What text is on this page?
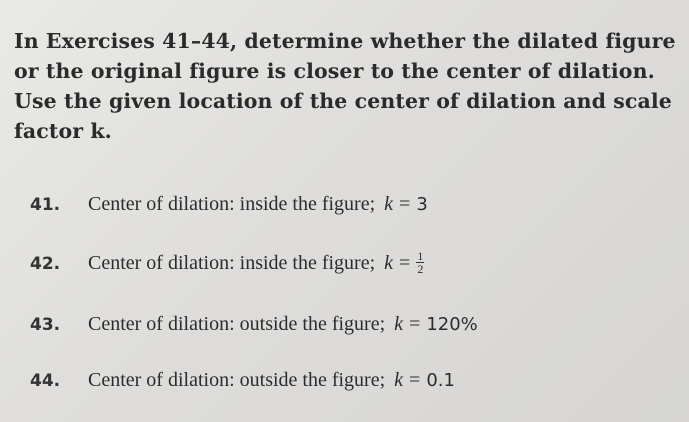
In Exercises 41–44, determine whether the dilated figure or the original figure is closer to the center of dilation. Use the given location of the center of dilation and scale factor k.

41. Center of dilation: inside the figure; k = 3
42. Center of dilation: inside the figure; $k = \frac{1}{2}$
43. Center of dilation: outside the figure; k = 120%
44. Center of dilation: outside the figure; k = 0.1
